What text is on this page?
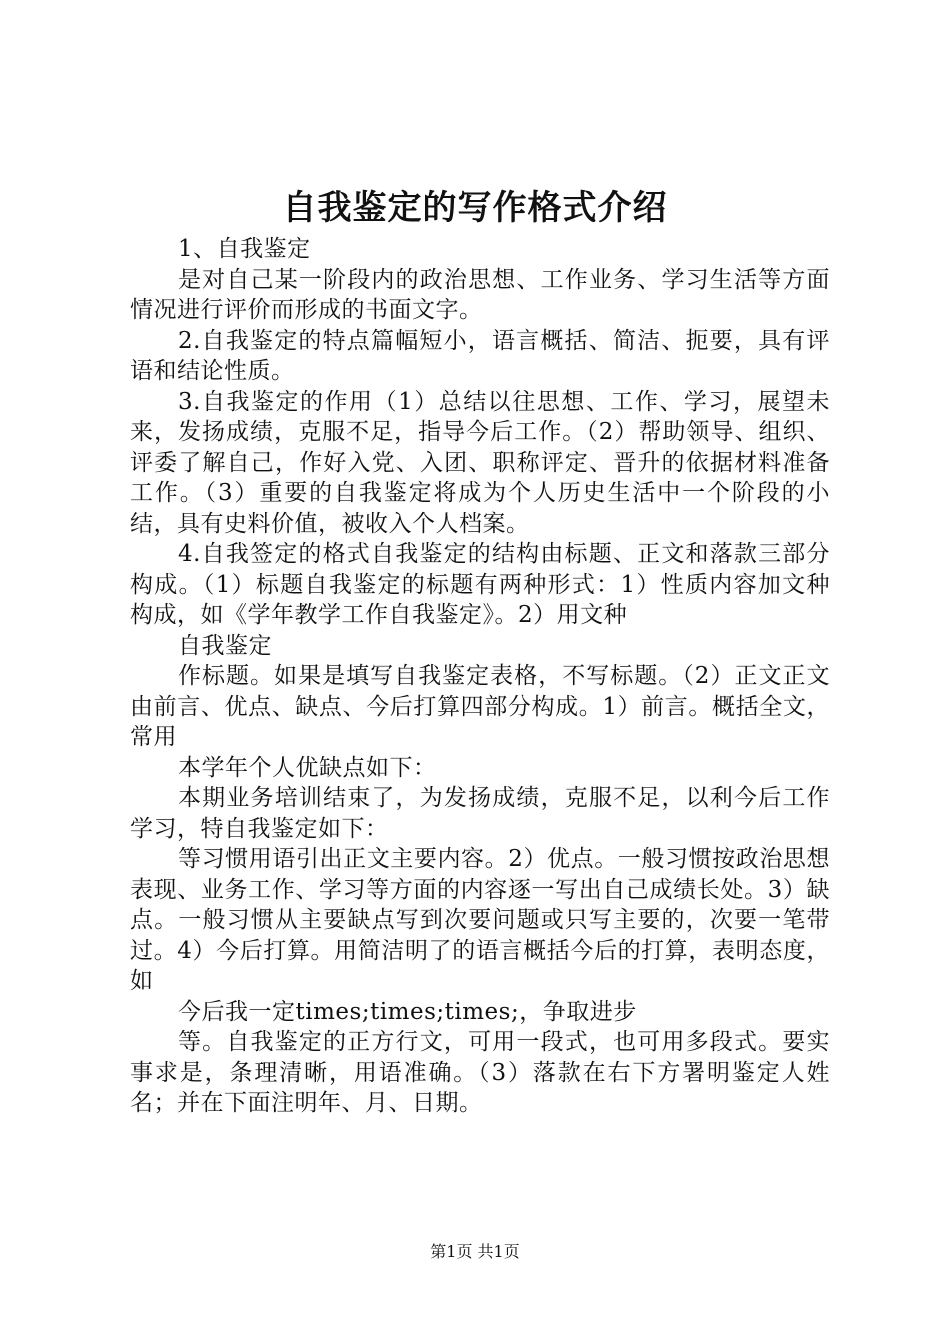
自我鉴定的写作格式介绍

1、自我鉴定

是对自己某一阶段内的政治思想、工作业务、学习生活等方面情况进行评价而形成的书面文字。

2.自我鉴定的特点篇幅短小，语言概括、简洁、扼要，具有评语和结论性质。

3.自我鉴定的作用（1）总结以往思想、工作、学习，展望未来，发扬成绩，克服不足，指导今后工作。（2）帮助领导、组织、评委了解自己，作好入党、入团、职称评定、晋升的依据材料准备工作。（3）重要的自我鉴定将成为个人历史生活中一个阶段的小结，具有史料价值，被收入个人档案。

4.自我签定的格式自我鉴定的结构由标题、正文和落款三部分构成。（1）标题自我鉴定的标题有两种形式：1）性质内容加文种构成，如《学年教学工作自我鉴定》。2）用文种

自我鉴定

作标题。如果是填写自我鉴定表格，不写标题。（2）正文正文由前言、优点、缺点、今后打算四部分构成。1）前言。概括全文，常用

本学年个人优缺点如下：

本期业务培训结束了，为发扬成绩，克服不足，以利今后工作学习，特自我鉴定如下：

等习惯用语引出正文主要内容。2）优点。一般习惯按政治思想表现、业务工作、学习等方面的内容逐一写出自己成绩长处。3）缺点。一般习惯从主要缺点写到次要问题或只写主要的，次要一笔带过。4）今后打算。用简洁明了的语言概括今后的打算，表明态度，如

今后我一定times;times;times;，争取进步

等。自我鉴定的正方行文，可用一段式，也可用多段式。要实事求是，条理清晰，用语准确。（3）落款在右下方署明鉴定人姓名；并在下面注明年、月、日期。

第1页 共1页
